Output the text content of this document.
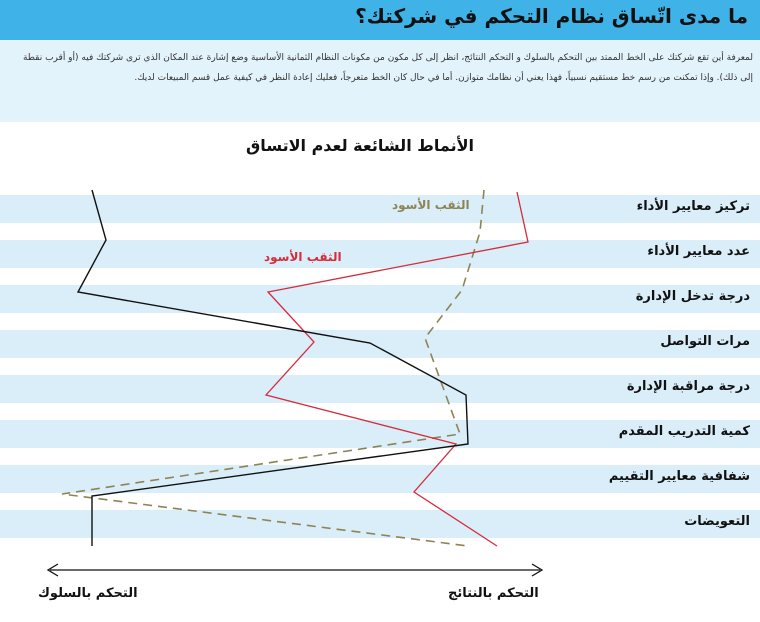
ما مدى اتّساق نظام التحكم في شركتك؟
لمعرفة أين تقع شركتك على الخط الممتد بين التحكم بالسلوك و التحكم النتائج، انظر إلى كل مكون من مكونات النظام الثمانية الأساسية وضع إشارة عند المكان الذي ترى شركتك فيه (أو أقرب نقطة إلى ذلك). وإذا تمكنت من رسم خط مستقيم نسبياً، فهذا يعني أن نظامك متوازن. أما في حال كان الخط متعرجاً، فعليك إعادة النظر في كيفية عمل قسم المبيعات لديك.
الأنماط الشائعة لعدم الاتساق
تركيز معايير الأداء
عدد معايير الأداء
درجة تدخل الإدارة
مرات التواصل
درجة مراقبة الإدارة
كمية التدريب المقدم
شفافية معايير التقييم
التعويضات
الثقب الأسود
الثقب الأسود
التحكم بالسلوك	التحكم بالنتائج
